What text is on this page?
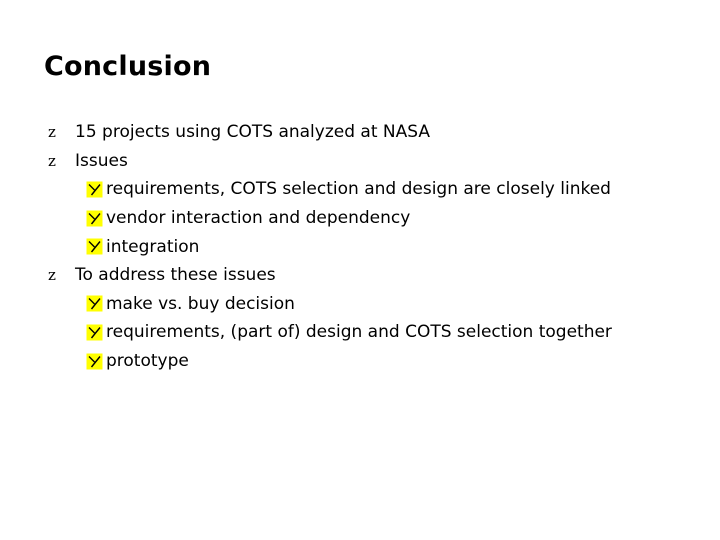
Conclusion
z	15 projects using COTS analyzed at NASA
z	Issues
requirements, COTS selection and design are closely linked
vendor interaction and dependency
integration
z	To address these issues
make vs. buy decision
requirements, (part of) design and COTS selection together
prototype
